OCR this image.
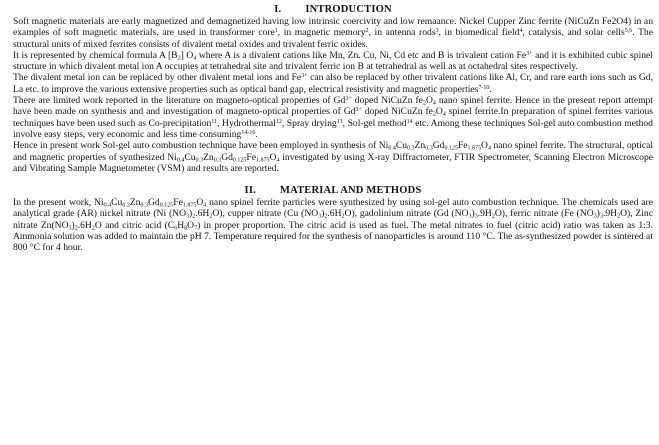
I. INTRODUCTION

Soft magnetic materials are early magnetized and demagnetized having low intrinsic coercivity and low remaance. Nickel Cupper Zinc ferrite (NiCuZn Fe2O4) in an examples of soft magnetic materials, are used in transformer core$^1$, in magnetic memory$^2$, in antenna rods$^3$, in biomedical field$^4$, catalysis, and solar cells$^{5,6}$. The structural units of mixed ferrites consists of divalent metal oxides and trivalent ferric oxides.

It is represented by chemical formula A $[B_2]$ $O_4$ where A is a divalent cations like Mn, Zn. Cu, Ni, Cd etc and B is trivalent cation $Fe^{3+}$ and it is exhibited cubic spinel structure in which divalent metal ion A occupies at tetrahedral site and trivalent ferric ion B at tetrahedral as well as at octahedral sites respectively.

The divalent metal ion can be replaced by other divalent metal ions and $Fe^{3+}$ can also be replaced by other trivalent cations like Al, Cr, and rare earth ions such as Gd, La etc. to improve the various extensive properties such as optical band gap, electrical resistivity and magnetic properties$^{7-10}$.

There are limited work reported in the literature on magneto-optical properties of $Gd^{3+}$ doped NiCuZn $fe_2O_4$ nano spinel ferrite. Hence in the present report attempt have been made on synthesis and and investigation of magneto-optical properties of $Gd^{3+}$ doped NiCuZn $fe_2O_4$ spinel ferrite.In preparation of spinel ferrites various techniques have been used such as Co-precipitation$^{11}$, Hydrothermal$^{12}$, Spray drying$^{13}$, Sol-gel method$^{14}$ etc. Among these techniques Sol-gel auto combustion method involve easy steps, very economic and less time consuming$^{14-16}$.

Hence in present work Sol-gel auto combustion technique have been employed in synthesis of $Ni_{0.4}Cu_{0.3}Zn_{0.3}Gd_{0.125}Fe_{1.875}O_4$ nano spinel ferrite. The structural, optical and magnetic properties of synthesized $Ni_{0.4}Cu_{0.3}Zn_{0.3}Gd_{0.125}Fe_{1.875}O_4$ investigated by using X-ray Diffractometer, FTIR Spectrometer, Scanning Electron Microscope and Vibrating Sample Magnetometer (VSM) and results are reported.

II. MATERIAL AND METHODS

In the present work, $Ni_{0.4}Cu_{0.3}Zn_{0.3}Gd_{0.125}Fe_{1.875}O_4$ nano spinel ferrite particles were synthesized by using sol-gel auto combustion technique. The chemicals used are analytical grade (AR) nickel nitrate (Ni $(NO_3)_2.6H_2O$), cupper nitrate (Cu $(NO_3)_2.6H_2O$), gadolinium nitrate (Gd $(NO_3)_3.9H_2O$), ferric nitrate (Fe $(NO_3)_3.9H_2O$), Zinc nitrate $Zn(NO_3)_2.6H_2O$ and citric acid $(C_6H_8O_7)$ in proper proportion. The citric acid is used as fuel. The metal nitrates to fuel (citric acid) ratio was taken as 1:3. Ammonia solution was added to maintain the pH 7. Temperature required for the synthesis of nanoparticles is around 110 °C. The as-synthesized powder is sintered at 800 °C for 4 hour.
